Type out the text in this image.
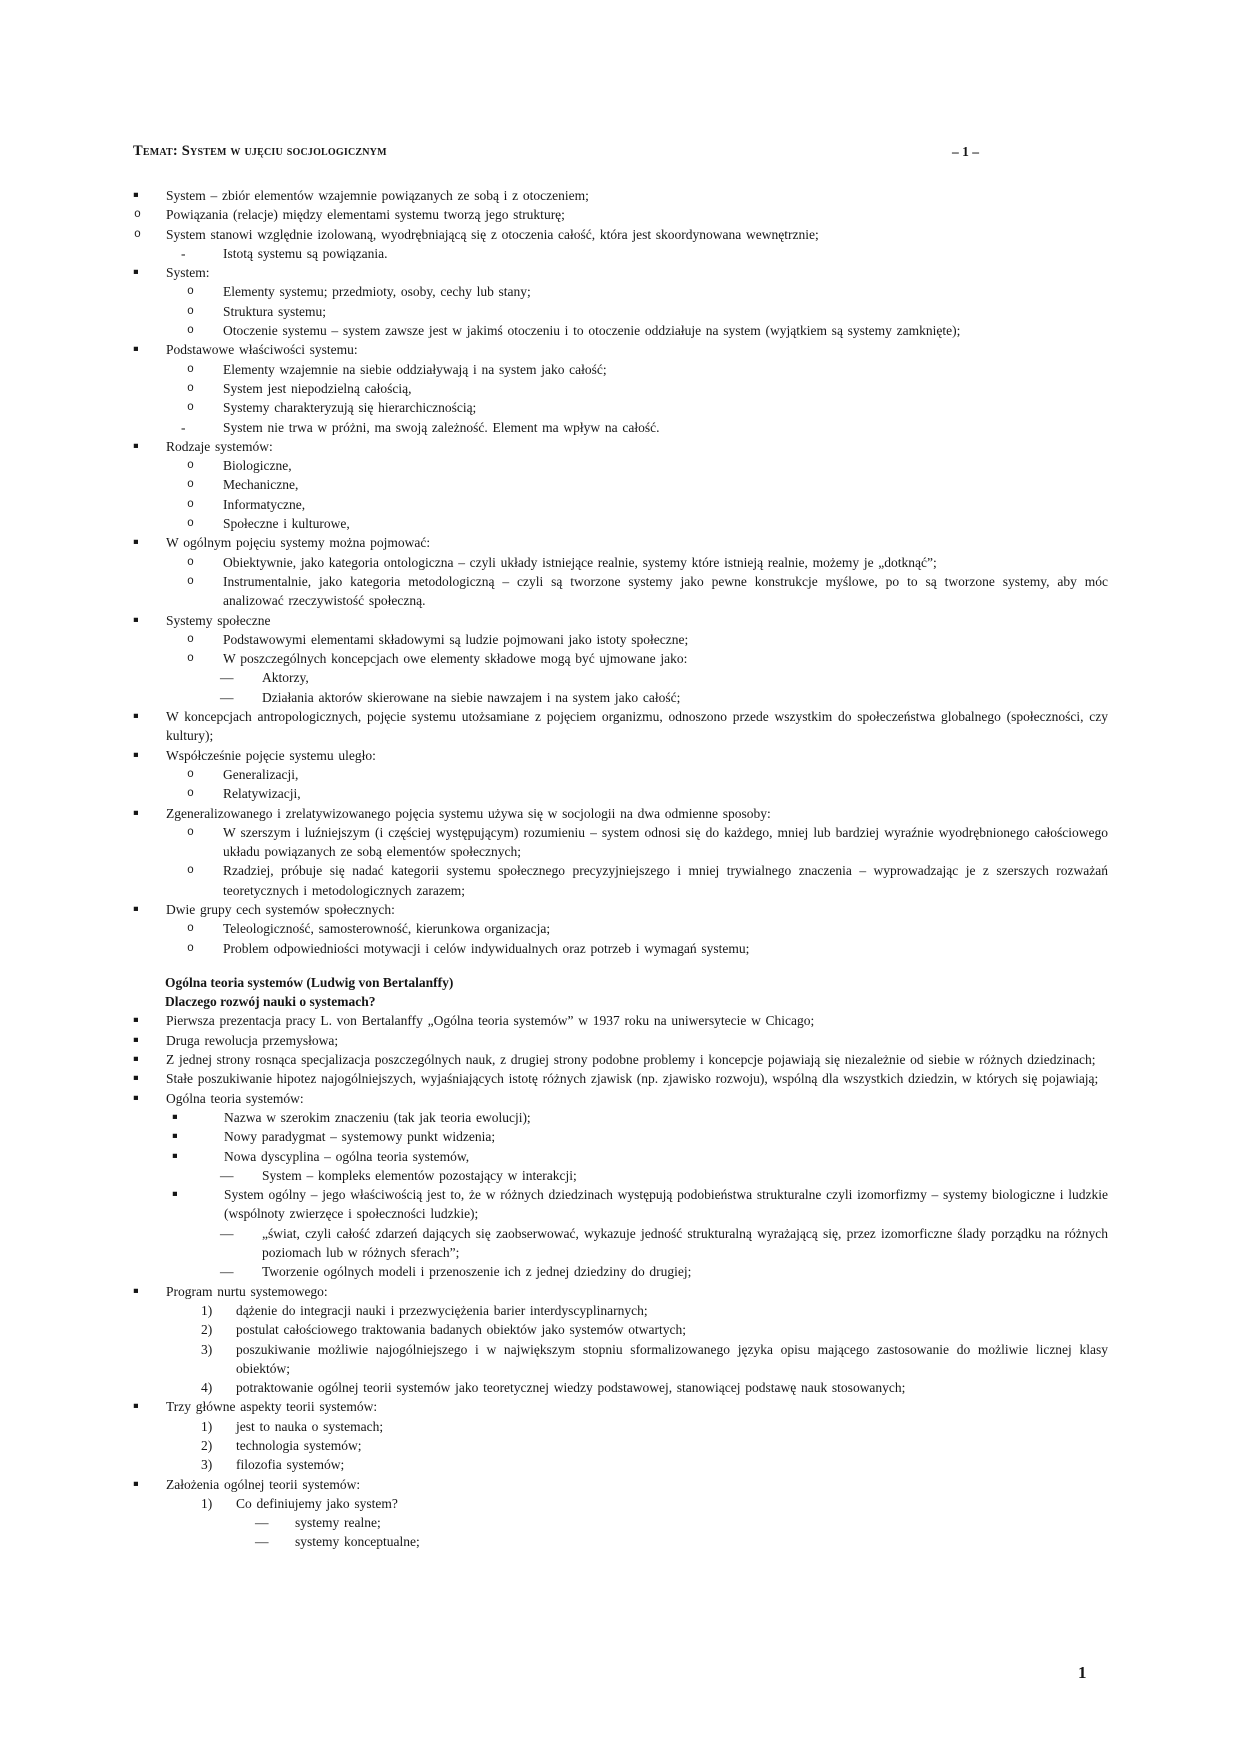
Temat: System w ujęciu socjologicznym	– 1 –
▪	System – zbiór elementów wzajemnie powiązanych ze sobą i z otoczeniem;
o	Powiązania (relacje) między elementami systemu tworzą jego strukturę;
o	System stanowi względnie izolowaną, wyodrębniającą się z otoczenia całość, która jest skoordynowana wewnętrznie;
-	Istotą systemu są powiązania.
▪	System:
o	Elementy systemu; przedmioty, osoby, cechy lub stany;
o	Struktura systemu;
o	Otoczenie systemu – system zawsze jest w jakimś otoczeniu i to otoczenie oddziałuje na system (wyjątkiem są systemy zamknięte);
▪	Podstawowe właściwości systemu:
o	Elementy wzajemnie na siebie oddziaływają i na system jako całość;
o	System jest niepodzielną całością,
o	Systemy charakteryzują się hierarchicznością;
-	System nie trwa w próżni, ma swoją zależność. Element ma wpływ na całość.
▪	Rodzaje systemów:
o	Biologiczne,
o	Mechaniczne,
o	Informatyczne,
o	Społeczne i kulturowe,
▪	W ogólnym pojęciu systemy można pojmować:
o	Obiektywnie, jako kategoria ontologiczna – czyli układy istniejące realnie, systemy które istnieją realnie, możemy je „dotknąć”;
o	Instrumentalnie, jako kategoria metodologiczną – czyli są tworzone systemy jako pewne konstrukcje myślowe, po to są tworzone systemy, aby móc analizować rzeczywistość społeczną.
▪	Systemy społeczne
o	Podstawowymi elementami składowymi są ludzie pojmowani jako istoty społeczne;
o	W poszczególnych koncepcjach owe elementy składowe mogą być ujmowane jako:
—	Aktorzy,
—	Działania aktorów skierowane na siebie nawzajem i na system jako całość;
▪	W koncepcjach antropologicznych, pojęcie systemu utożsamiane z pojęciem organizmu, odnoszono przede wszystkim do społeczeństwa globalnego (społeczności, czy kultury);
▪	Współcześnie pojęcie systemu uległo:
o	Generalizacji,
o	Relatywizacji,
▪	Zgeneralizowanego i zrelatywizowanego pojęcia systemu używa się w socjologii na dwa odmienne sposoby:
o	W szerszym i luźniejszym (i częściej występującym) rozumieniu – system odnosi się do każdego, mniej lub bardziej wyraźnie wyodrębnionego całościowego układu powiązanych ze sobą elementów społecznych;
o	Rzadziej, próbuje się nadać kategorii systemu społecznego precyzyjniejszego i mniej trywialnego znaczenia – wyprowadzając je z szerszych rozważań teoretycznych i metodologicznych zarazem;
▪	Dwie grupy cech systemów społecznych:
o	Teleologiczność, samosterowność, kierunkowa organizacja;
o	Problem odpowiedniości motywacji i celów indywidualnych oraz potrzeb i wymagań systemu;
Ogólna teoria systemów (Ludwig von Bertalanffy)
Dlaczego rozwój nauki o systemach?
▪	Pierwsza prezentacja pracy L. von Bertalanffy „Ogólna teoria systemów” w 1937 roku na uniwersytecie w Chicago;
▪	Druga rewolucja przemysłowa;
▪	Z jednej strony rosnąca specjalizacja poszczególnych nauk, z drugiej strony podobne problemy i koncepcje pojawiają się niezależnie od siebie w różnych dziedzinach;
▪	Stałe poszukiwanie hipotez najogólniejszych, wyjaśniających istotę różnych zjawisk (np. zjawisko rozwoju), wspólną dla wszystkich dziedzin, w których się pojawiają;
▪	Ogólna teoria systemów:
▪	Nazwa w szerokim znaczeniu (tak jak teoria ewolucji);
▪	Nowy paradygmat – systemowy punkt widzenia;
▪	Nowa dyscyplina – ogólna teoria systemów,
—	System – kompleks elementów pozostający w interakcji;
▪	System ogólny – jego właściwością jest to, że w różnych dziedzinach występują podobieństwa strukturalne czyli izomorfizmy – systemy biologiczne i ludzkie (wspólnoty zwierzęce i społeczności ludzkie);
—	„świat, czyli całość zdarzeń dających się zaobserwować, wykazuje jedność strukturalną wyrażającą się, przez izomorficzne ślady porządku na różnych poziomach lub w różnych sferach”;
—	Tworzenie ogólnych modeli i przenoszenie ich z jednej dziedziny do drugiej;
▪	Program nurtu systemowego:
1)	dążenie do integracji nauki i przezwyciężenia barier interdyscyplinarnych;
2)	postulat całościowego traktowania badanych obiektów jako systemów otwartych;
3)	poszukiwanie możliwie najogólniejszego i w największym stopniu sformalizowanego języka opisu mającego zastosowanie do możliwie licznej klasy obiektów;
4)	potraktowanie ogólnej teorii systemów jako teoretycznej wiedzy podstawowej, stanowiącej podstawę nauk stosowanych;
▪	Trzy główne aspekty teorii systemów:
1)	jest to nauka o systemach;
2)	technologia systemów;
3)	filozofia systemów;
▪	Założenia ogólnej teorii systemów:
1)	Co definiujemy jako system?
—	systemy realne;
—	systemy konceptualne;
1
